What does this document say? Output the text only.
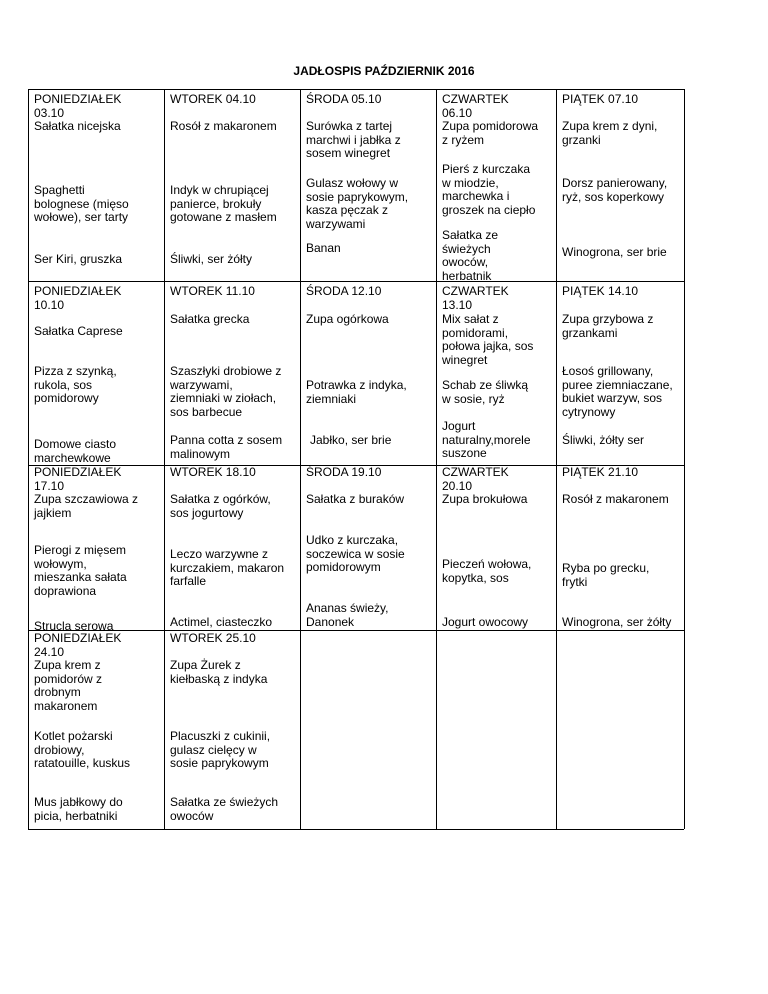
JADŁOSPIS PAŹDZIERNIK 2016
PONIEDZIAŁEK
03.10
Sałatka nicejska
Spaghetti
bolognese (mięso
wołowe), ser tarty
Ser Kiri, gruszka
WTOREK 04.10
Rosół z makaronem
Indyk w chrupiącej
panierce, brokuły
gotowane z masłem
Śliwki, ser żółty
ŚRODA 05.10
Surówka z tartej
marchwi i jabłka z
sosem winegret
Gulasz wołowy w
sosie paprykowym,
kasza pęczak z
warzywami
Banan
CZWARTEK
06.10
Zupa pomidorowa
z ryżem
Pierś z kurczaka
w miodzie,
marchewka i
groszek na ciepło
Sałatka ze
świeżych
owoców,
herbatnik
PIĄTEK 07.10
Zupa krem z dyni,
grzanki
Dorsz panierowany,
ryż, sos koperkowy
Winogrona, ser brie
PONIEDZIAŁEK
10.10
Sałatka Caprese
Pizza z szynką,
rukola, sos
pomidorowy
Domowe ciasto
marchewkowe
WTOREK 11.10
Sałatka grecka
Szaszłyki drobiowe z
warzywami,
ziemniaki w ziołach,
sos barbecue
Panna cotta z sosem
malinowym
ŚRODA 12.10
Zupa ogórkowa
Potrawka z indyka,
ziemniaki
Jabłko, ser brie
CZWARTEK
13.10
Mix sałat z
pomidorami,
połowa jajka, sos
winegret
Schab ze śliwką
w sosie, ryż
Jogurt
naturalny,morele
suszone
PIĄTEK 14.10
Zupa grzybowa z
grzankami
Łosoś grillowany,
puree ziemniaczane,
bukiet warzyw, sos
cytrynowy
Śliwki, żółty ser
PONIEDZIAŁEK
17.10
Zupa szczawiowa z
jajkiem
Pierogi z mięsem
wołowym,
mieszanka sałata
doprawiona
Strucla serowa
WTOREK 18.10
Sałatka z ogórków,
sos jogurtowy
Leczo warzywne z
kurczakiem, makaron
farfalle
Actimel, ciasteczko
ŚRODA 19.10
Sałatka z buraków
Udko z kurczaka,
soczewica w sosie
pomidorowym
Ananas świeży,
Danonek
CZWARTEK
20.10
Zupa brokułowa
Pieczeń wołowa,
kopytka, sos
Jogurt owocowy
PIĄTEK 21.10
Rosół z makaronem
Ryba po grecku,
frytki
Winogrona, ser żółty
PONIEDZIAŁEK
24.10
Zupa krem z
pomidorów z
drobnym
makaronem
Kotlet pożarski
drobiowy,
ratatouille, kuskus
Mus jabłkowy do
picia, herbatniki
WTOREK 25.10
Zupa Żurek z
kiełbaską z indyka
Placuszki z cukinii,
gulasz cielęcy w
sosie paprykowym
Sałatka ze świeżych
owoców
